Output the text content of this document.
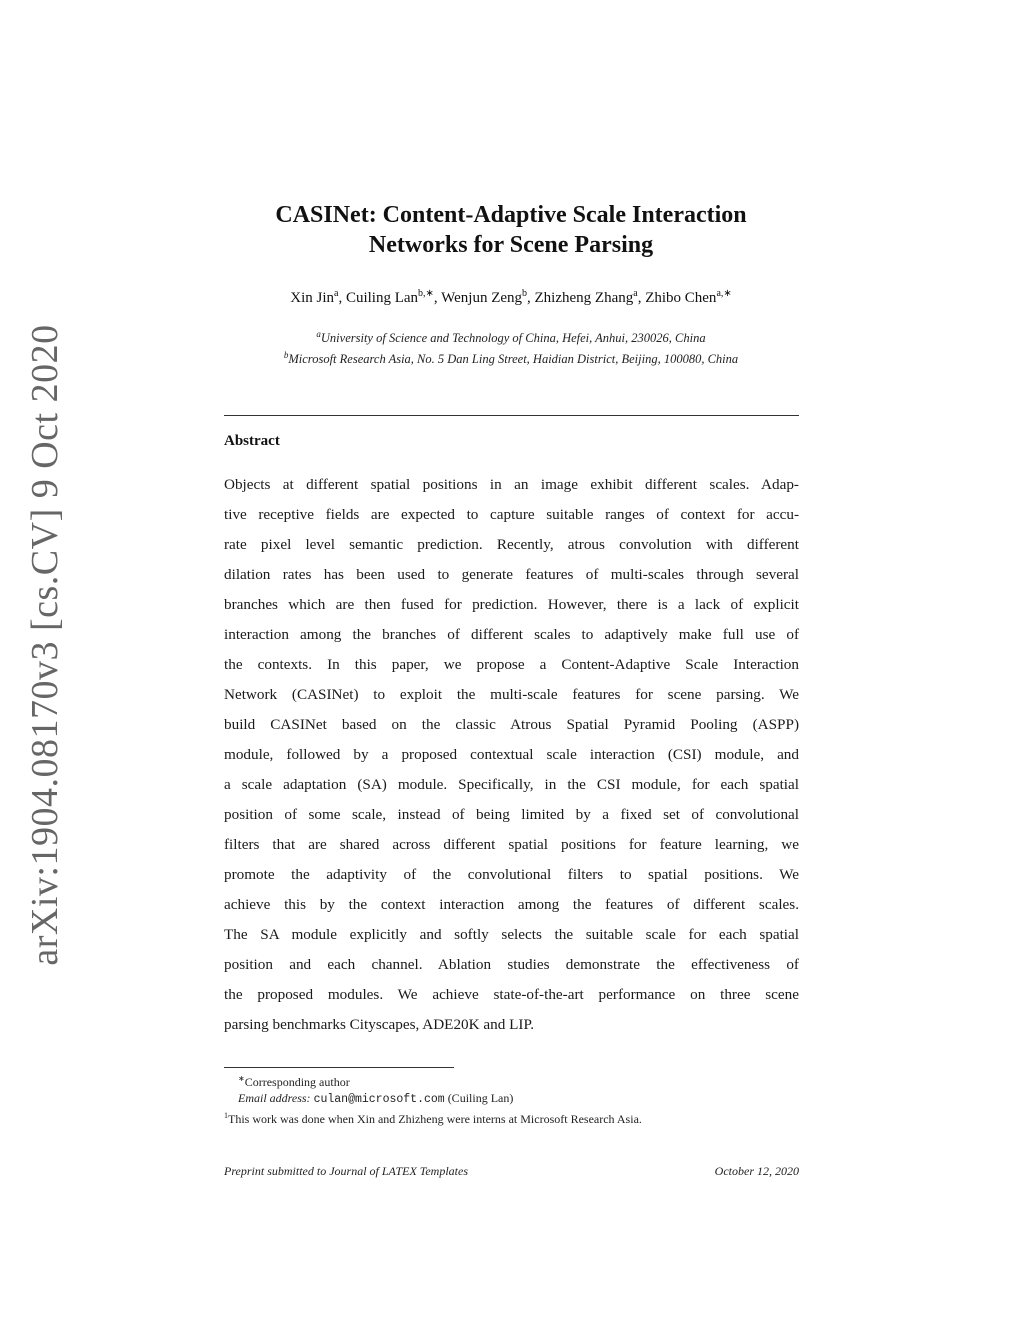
arXiv:1904.08170v3 [cs.CV] 9 Oct 2020
CASINet: Content-Adaptive Scale Interaction
Networks for Scene Parsing
Xin Jin$^a$, Cuiling Lan$^{b,∗}$, Wenjun Zeng$^b$, Zhizheng Zhang$^a$, Zhibo Chen$^{a,∗}$
$^a$University of Science and Technology of China, Hefei, Anhui, 230026, China
$^b$Microsoft Research Asia, No. 5 Dan Ling Street, Haidian District, Beijing, 100080, China
Abstract
Objects at different spatial positions in an image exhibit different scales. Adap-
tive receptive fields are expected to capture suitable ranges of context for accu-
rate pixel level semantic prediction. Recently, atrous convolution with different
dilation rates has been used to generate features of multi-scales through several
branches which are then fused for prediction. However, there is a lack of explicit
interaction among the branches of different scales to adaptively make full use of
the contexts. In this paper, we propose a Content-Adaptive Scale Interaction
Network (CASINet) to exploit the multi-scale features for scene parsing. We
build CASINet based on the classic Atrous Spatial Pyramid Pooling (ASPP)
module, followed by a proposed contextual scale interaction (CSI) module, and
a scale adaptation (SA) module. Specifically, in the CSI module, for each spatial
position of some scale, instead of being limited by a fixed set of convolutional
filters that are shared across different spatial positions for feature learning, we
promote the adaptivity of the convolutional filters to spatial positions. We
achieve this by the context interaction among the features of different scales.
The SA module explicitly and softly selects the suitable scale for each spatial
position and each channel. Ablation studies demonstrate the effectiveness of
the proposed modules. We achieve state-of-the-art performance on three scene
parsing benchmarks Cityscapes, ADE20K and LIP.
∗Corresponding author
Email address: culan@microsoft.com (Cuiling Lan)
$^1$This work was done when Xin and Zhizheng were interns at Microsoft Research Asia.
Preprint submitted to Journal of LATEX Templates	October 12, 2020
